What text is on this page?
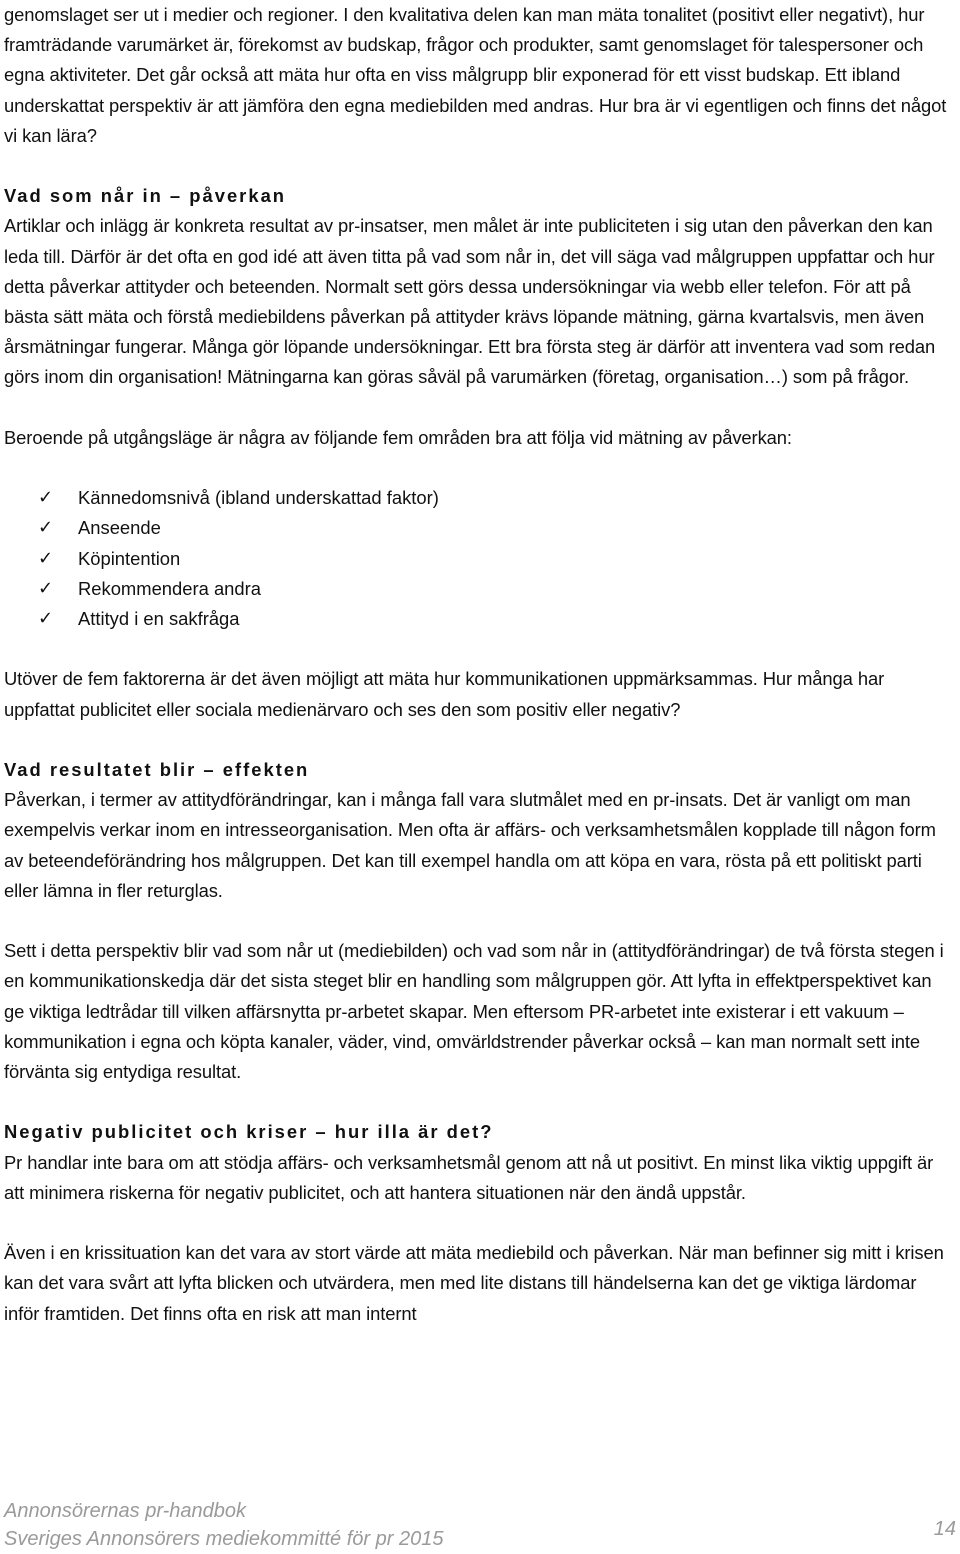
genomslaget ser ut i medier och regioner. I den kvalitativa delen kan man mäta tonalitet (positivt eller negativt), hur framträdande varumärket är, förekomst av budskap, frågor och produkter, samt genomslaget för talespersoner och egna aktiviteter. Det går också att mäta hur ofta en viss målgrupp blir exponerad för ett visst budskap. Ett ibland underskattat perspektiv är att jämföra den egna mediebilden med andras. Hur bra är vi egentligen och finns det något vi kan lära?

Vad som når in – påverkan

Artiklar och inlägg är konkreta resultat av pr-insatser, men målet är inte publiciteten i sig utan den påverkan den kan leda till. Därför är det ofta en god idé att även titta på vad som når in, det vill säga vad målgruppen uppfattar och hur detta påverkar attityder och beteenden. Normalt sett görs dessa undersökningar via webb eller telefon. För att på bästa sätt mäta och förstå mediebildens påverkan på attityder krävs löpande mätning, gärna kvartalsvis, men även årsmätningar fungerar. Många gör löpande undersökningar. Ett bra första steg är därför att inventera vad som redan görs inom din organisation! Mätningarna kan göras såväl på varumärken (företag, organisation…) som på frågor.

Beroende på utgångsläge är några av följande fem områden bra att följa vid mätning av påverkan:

✓ Kännedomsnivå (ibland underskattad faktor)
✓ Anseende
✓ Köpintention
✓ Rekommendera andra
✓ Attityd i en sakfråga

Utöver de fem faktorerna är det även möjligt att mäta hur kommunikationen uppmärksammas. Hur många har uppfattat publicitet eller sociala medienärvaro och ses den som positiv eller negativ?

Vad resultatet blir – effekten

Påverkan, i termer av attitydförändringar, kan i många fall vara slutmålet med en pr-insats. Det är vanligt om man exempelvis verkar inom en intresseorganisation. Men ofta är affärs- och verksamhetsmålen kopplade till någon form av beteendeförändring hos målgruppen. Det kan till exempel handla om att köpa en vara, rösta på ett politiskt parti eller lämna in fler returglas.

Sett i detta perspektiv blir vad som når ut (mediebilden) och vad som når in (attitydförändringar) de två första stegen i en kommunikationskedja där det sista steget blir en handling som målgruppen gör. Att lyfta in effektperspektivet kan ge viktiga ledtrådar till vilken affärsnytta pr-arbetet skapar. Men eftersom PR-arbetet inte existerar i ett vakuum – kommunikation i egna och köpta kanaler, väder, vind, omvärldstrender påverkar också – kan man normalt sett inte förvänta sig entydiga resultat.

Negativ publicitet och kriser – hur illa är det?

Pr handlar inte bara om att stödja affärs- och verksamhetsmål genom att nå ut positivt. En minst lika viktig uppgift är att minimera riskerna för negativ publicitet, och att hantera situationen när den ändå uppstår.

Även i en krissituation kan det vara av stort värde att mäta mediebild och påverkan. När man befinner sig mitt i krisen kan det vara svårt att lyfta blicken och utvärdera, men med lite distans till händelserna kan det ge viktiga lärdomar inför framtiden. Det finns ofta en risk att man internt

Annonsörernas pr-handbok
Sveriges Annonsörers mediekommitté för pr 2015	14
